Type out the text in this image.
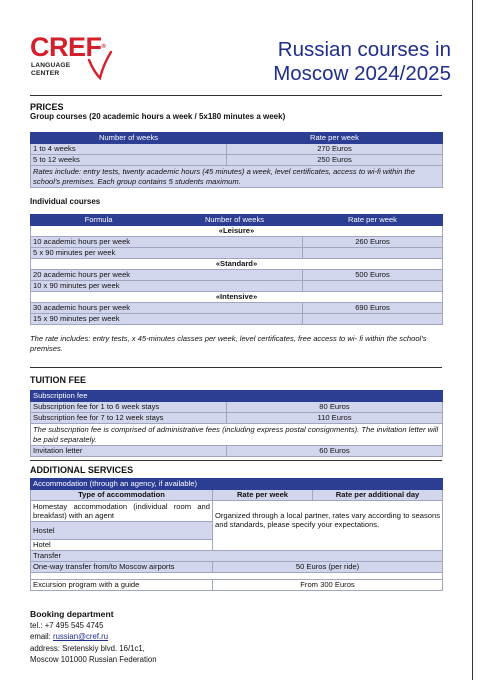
CREF®
LANGUAGE
CENTER
Russian courses in
Moscow 2024/2025
PRICES
Group courses (20 academic hours a week / 5x180 minutes a week)
Number of weeks	Rate per week
1 to 4 weeks	270 Euros
5 to 12 weeks	250 Euros
Rates include: entry tests, twenty academic hours (45 minutes) a week, level certificates, access to wi-fi within the school's premises. Each group contains 5 students maximum.	
Individual courses
Formula	Number of weeks	Rate per week
«Leisure»		
10 academic hours per week		260 Euros
5 x 90 minutes per week		
«Standard»		
20 academic hours per week		500 Euros
10 x 90 minutes per week		
«Intensive»		
30 academic hours per week		690 Euros
15 x 90 minutes per week		
The rate includes: entry tests, x 45-minutes classes per week, level certificates, free access to wi- fi within the school's premises.
TUITION FEE
Subscription fee	
Subscription fee for 1 to 6 week stays	80 Euros
Subscription fee for 7 to 12 week stays	110 Euros
The subscription fee is comprised of administrative fees (including express postal consignments). The invitation letter will be paid separately.	
Invitation letter	60 Euros
ADDITIONAL SERVICES
Accommodation (through an agency, if available)		
Type of accommodation	Rate per week	Rate per additional day
Homestay accommodation (individual room and breakfast) with an agent	Organized through a local partner, rates vary according to seasons and standards, please specify your expectations.	
Hostel		
Hotel		
Transfer		
One-way transfer from/to Moscow airports	50 Euros (per ride)	

Excursion program with a guide	From 300 Euros	
Booking department
tel.: +7 495 545 4745
email: russian@cref.ru
address: Sretenskiy blvd. 16/1c1,
Moscow 101000 Russian Federation
